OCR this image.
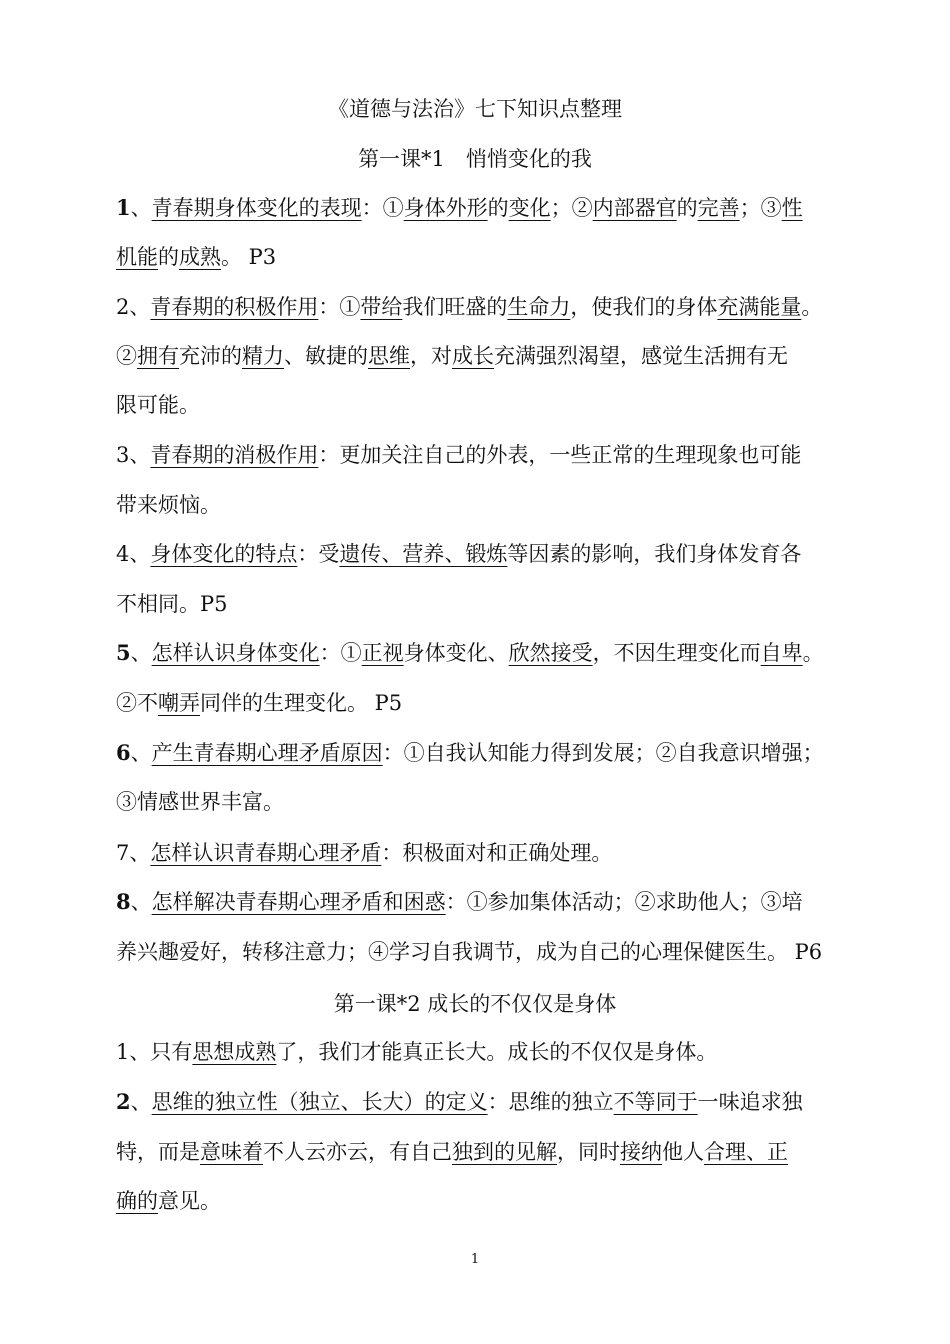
《道德与法治》七下知识点整理
第一课*1　悄悄变化的我
1、青春期身体变化的表现：①身体外形的变化；②内部器官的完善；③性
机能的成熟。 P3
2、青春期的积极作用：①带给我们旺盛的生命力，使我们的身体充满能量。
②拥有充沛的精力、敏捷的思维，对成长充满强烈渴望，感觉生活拥有无
限可能。
3、青春期的消极作用：更加关注自己的外表，一些正常的生理现象也可能
带来烦恼。
4、身体变化的特点：受遗传、营养、锻炼等因素的影响，我们身体发育各
不相同。P5
5、怎样认识身体变化：①正视身体变化、欣然接受，不因生理变化而自卑。
②不嘲弄同伴的生理变化。 P5
6、产生青春期心理矛盾原因：①自我认知能力得到发展；②自我意识增强；
③情感世界丰富。
7、怎样认识青春期心理矛盾：积极面对和正确处理。
8、怎样解决青春期心理矛盾和困惑：①参加集体活动；②求助他人；③培
养兴趣爱好，转移注意力；④学习自我调节，成为自己的心理保健医生。 P6
第一课*2 成长的不仅仅是身体
1、只有思想成熟了，我们才能真正长大。成长的不仅仅是身体。
2、思维的独立性（独立、长大）的定义：思维的独立不等同于一味追求独
特，而是意味着不人云亦云，有自己独到的见解，同时接纳他人合理、正
确的意见。
1
